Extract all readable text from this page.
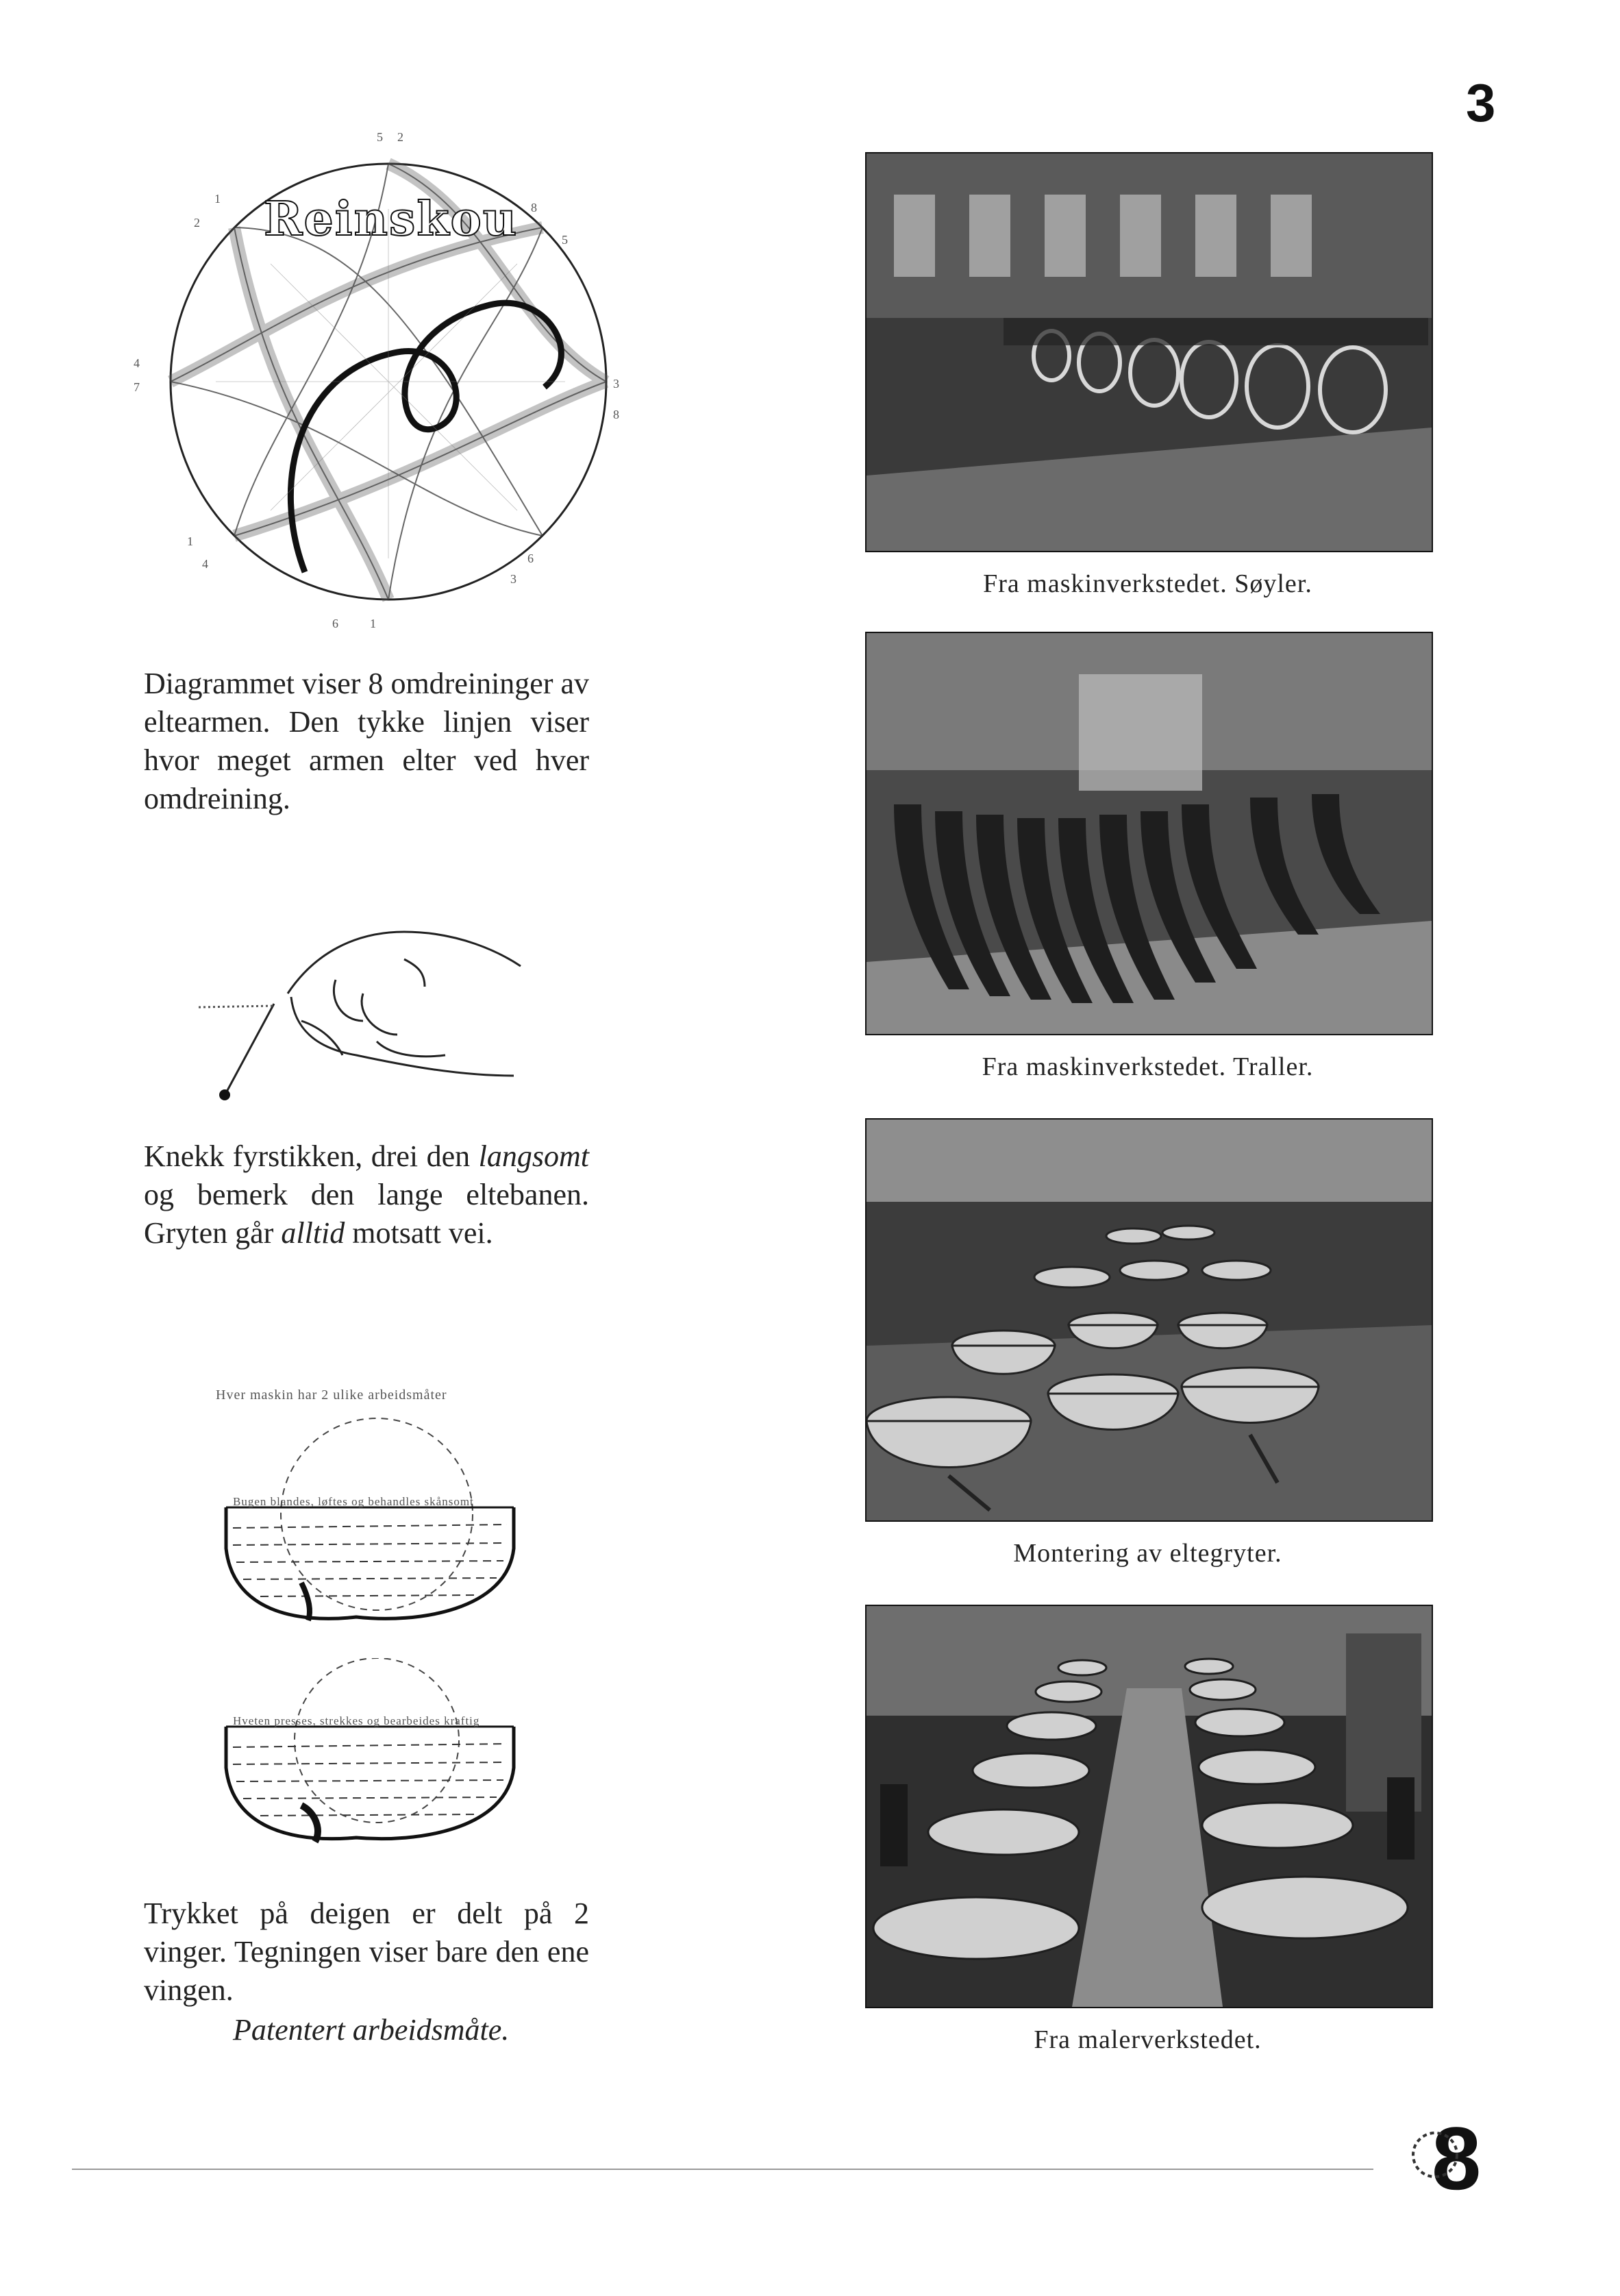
3
Reinskou
5 2
1
2
8
5
4
7	3
8
1
4	6
3
6	1
Diagrammet viser 8 omdreininger av eltearmen. Den tykke linjen viser hvor meget armen elter ved hver omdreining.
Knekk fyrstikken, drei den langsomt og bemerk den lange eltebanen. Gryten går alltid motsatt vei.
Hver maskin har 2 ulike arbeidsmåter
Bugen blandes, løftes og behandles skånsomt
Hveten presses, strekkes og bearbeides kraftig
Trykket på deigen er delt på 2 vinger. Tegningen viser bare den ene vingen.
Patentert arbeidsmåte.
Fra maskinverkstedet. Søyler.
Fra maskinverkstedet. Traller.
Montering av eltegryter.
Fra malerverkstedet.
8
